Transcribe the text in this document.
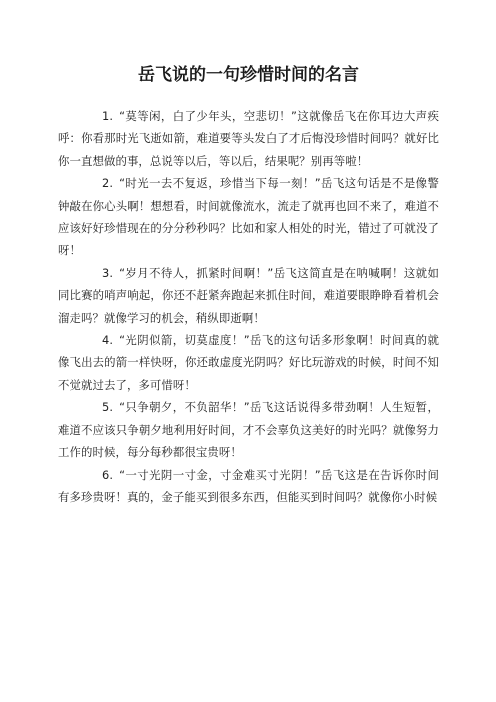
岳飞说的一句珍惜时间的名言

1. “莫等闲，白了少年头，空悲切！”这就像岳飞在你耳边大声疾呼：你看那时光飞逝如箭，难道要等头发白了才后悔没珍惜时间吗？就好比你一直想做的事，总说等以后，等以后，结果呢？别再等啦！

2. “时光一去不复返，珍惜当下每一刻！”岳飞这句话是不是像警钟敲在你心头啊！想想看，时间就像流水，流走了就再也回不来了，难道不应该好好珍惜现在的分分秒秒吗？比如和家人相处的时光，错过了可就没了呀！

3. “岁月不待人，抓紧时间啊！”岳飞这简直是在呐喊啊！这就如同比赛的哨声响起，你还不赶紧奔跑起来抓住时间，难道要眼睁睁看着机会溜走吗？就像学习的机会，稍纵即逝啊！

4. “光阴似箭，切莫虚度！”岳飞的这句话多形象啊！时间真的就像飞出去的箭一样快呀，你还敢虚度光阴吗？好比玩游戏的时候，时间不知不觉就过去了，多可惜呀！

5. “只争朝夕，不负韶华！”岳飞这话说得多带劲啊！人生短暂，难道不应该只争朝夕地利用好时间，才不会辜负这美好的时光吗？就像努力工作的时候，每分每秒都很宝贵呀！

6. “一寸光阴一寸金，寸金难买寸光阴！”岳飞这是在告诉你时间有多珍贵呀！真的，金子能买到很多东西，但能买到时间吗？就像你小时候
